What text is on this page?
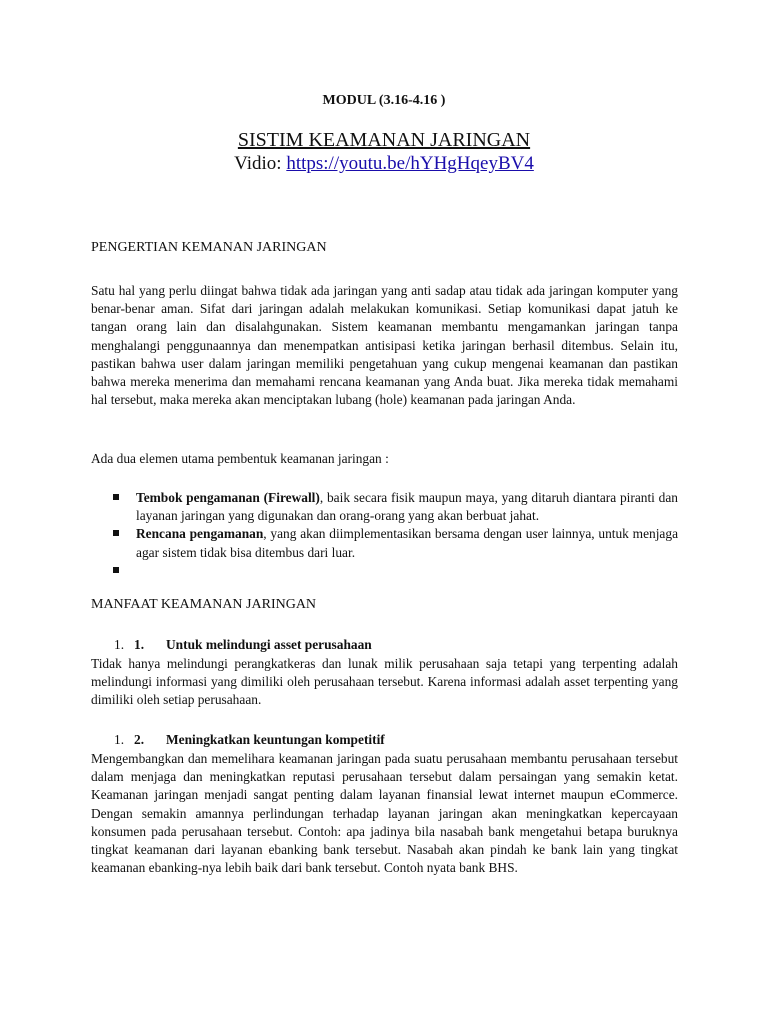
MODUL (3.16-4.16 )
SISTIM KEAMANAN JARINGAN
Vidio: https://youtu.be/hYHgHqeyBV4
PENGERTIAN KEMANAN JARINGAN

Satu hal yang perlu diingat bahwa tidak ada jaringan yang anti sadap atau tidak ada jaringan komputer yang benar-benar aman. Sifat dari jaringan adalah melakukan komunikasi. Setiap komunikasi dapat jatuh ke tangan orang lain dan disalahgunakan. Sistem keamanan membantu mengamankan jaringan tanpa menghalangi penggunaannya dan menempatkan antisipasi ketika jaringan berhasil ditembus. Selain itu, pastikan bahwa user dalam jaringan memiliki pengetahuan yang cukup mengenai keamanan dan pastikan bahwa mereka menerima dan memahami rencana keamanan yang Anda buat. Jika mereka tidak memahami hal tersebut, maka mereka akan menciptakan lubang (hole) keamanan pada jaringan Anda.

Ada dua elemen utama pembentuk keamanan jaringan :

Tembok pengamanan (Firewall), baik secara fisik maupun maya, yang ditaruh diantara piranti dan layanan jaringan yang digunakan dan orang-orang yang akan berbuat jahat.
Rencana pengamanan, yang akan diimplementasikan bersama dengan user lainnya, untuk menjaga agar sistem tidak bisa ditembus dari luar.

MANFAAT KEAMANAN JARINGAN
1. 1. Untuk melindungi asset perusahaan

Tidak hanya melindungi perangkatkeras dan lunak milik perusahaan saja tetapi yang terpenting adalah melindungi informasi yang dimiliki oleh perusahaan tersebut. Karena informasi adalah asset terpenting yang dimiliki oleh setiap perusahaan.

1. 2. Meningkatkan keuntungan kompetitif

Mengembangkan dan memelihara keamanan jaringan pada suatu perusahaan membantu perusahaan tersebut dalam menjaga dan meningkatkan reputasi perusahaan tersebut dalam persaingan yang semakin ketat. Keamanan jaringan menjadi sangat penting dalam layanan finansial lewat internet maupun eCommerce. Dengan semakin amannya perlindungan terhadap layanan jaringan akan meningkatkan kepercayaan konsumen pada perusahaan tersebut. Contoh: apa jadinya bila nasabah bank mengetahui betapa buruknya tingkat keamanan dari layanan ebanking bank tersebut. Nasabah akan pindah ke bank lain yang tingkat keamanan ebanking-nya lebih baik dari bank tersebut. Contoh nyata bank BHS.
